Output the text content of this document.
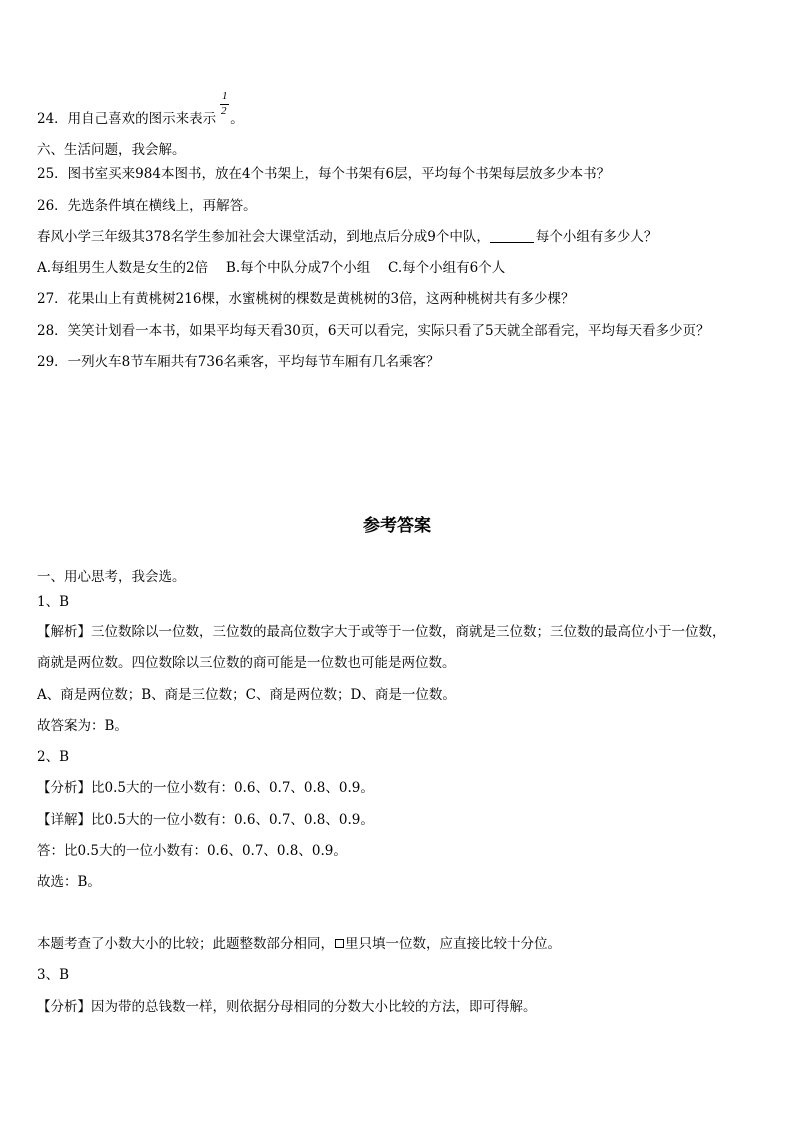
24．用自己喜欢的图示来表示 。
1
2
六、生活问题，我会解。
25．图书室买来984本图书，放在4个书架上，每个书架有6层，平均每个书架每层放多少本书？
26．先选条件填在横线上，再解答。
春风小学三年级其378名学生参加社会大课堂活动，到地点后分成9个中队，	每个小组有多少人？
A.每组男生人数是女生的2倍　 B.每个中队分成7个小组　 C.每个小组有6个人
27．花果山上有黄桃树216棵，水蜜桃树的棵数是黄桃树的3倍，这两种桃树共有多少棵？
28．笑笑计划看一本书，如果平均每天看30页，6天可以看完，实际只看了5天就全部看完，平均每天看多少页？
29．一列火车8节车厢共有736名乘客，平均每节车厢有几名乘客？
参考答案
一、用心思考，我会选。
1、B
【解析】三位数除以一位数，三位数的最高位数字大于或等于一位数，商就是三位数；三位数的最高位小于一位数，
商就是两位数。四位数除以三位数的商可能是一位数也可能是两位数。
A、商是两位数；B、商是三位数；C、商是两位数；D、商是一位数。
故答案为：B。
2、B
【分析】比0.5大的一位小数有：0.6、0.7、0.8、0.9。
【详解】比0.5大的一位小数有：0.6、0.7、0.8、0.9。
答：比0.5大的一位小数有：0.6、0.7、0.8、0.9。
故选：B。
本题考查了小数大小的比较；此题整数部分相同， 里只填一位数，应直接比较十分位。
3、B
【分析】因为带的总钱数一样，则依据分母相同的分数大小比较的方法，即可得解。
